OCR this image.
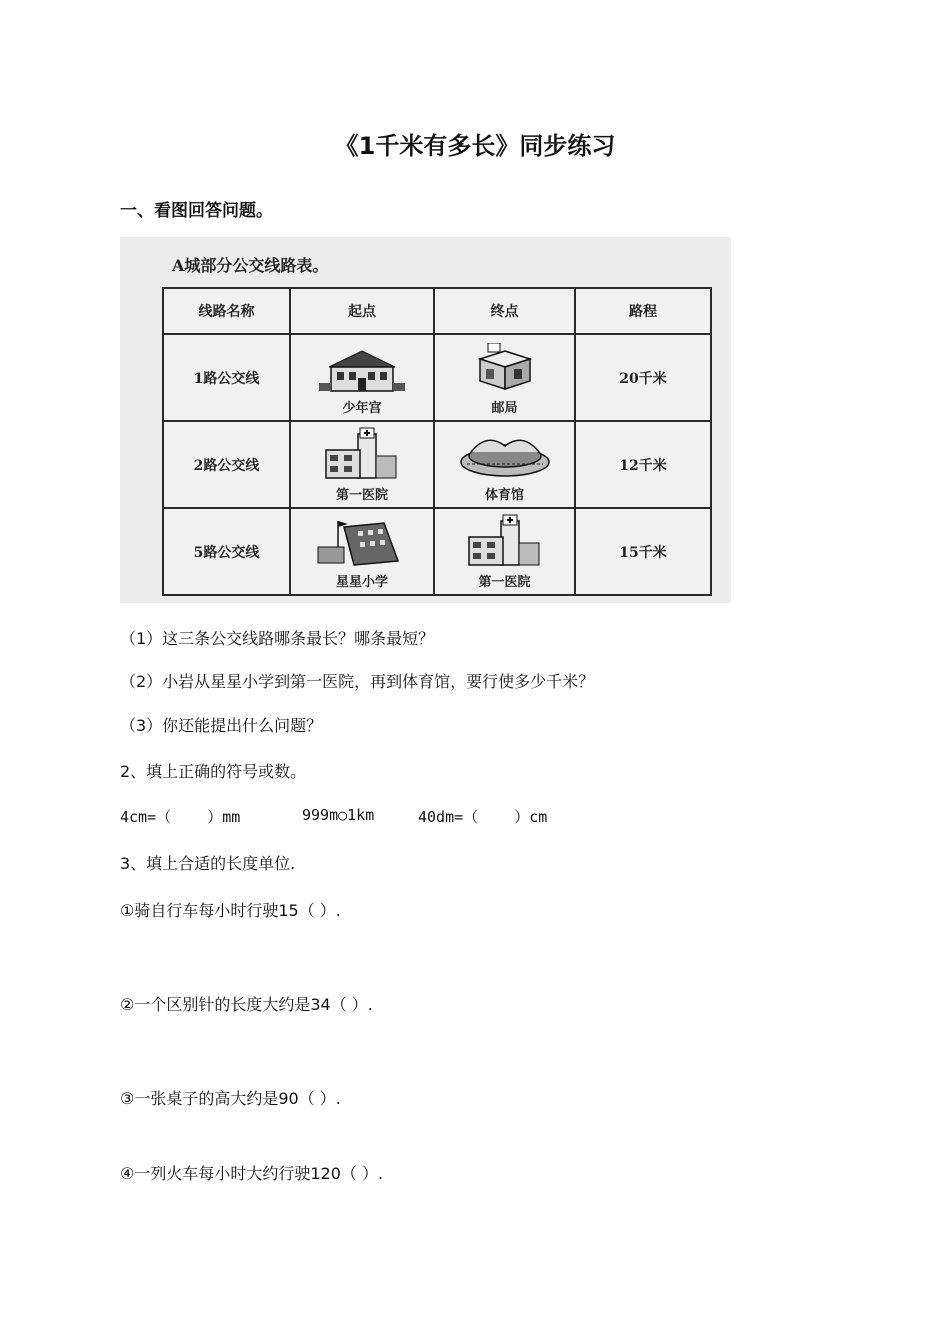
《1千米有多长》同步练习
一、看图回答问题。
A城部分公交线路表。
线路名称	起点	终点	路程
1路公交线	少年宫	邮局	20千米
2路公交线	第一医院	体育馆	12千米
5路公交线	星星小学	第一医院	15千米
（1）这三条公交线路哪条最长？哪条最短？
（2）小岩从星星小学到第一医院，再到体育馆，要行使多少千米？
（3）你还能提出什么问题？
2、填上正确的符号或数。
4cm=（    ）mm	999m○1km	40dm=（    ）cm
3、填上合适的长度单位.
①骑自行车每小时行驶15（ ）.
②一个区别针的长度大约是34（ ）.
③一张桌子的高大约是90（ ）.
④一列火车每小时大约行驶120（ ）.
